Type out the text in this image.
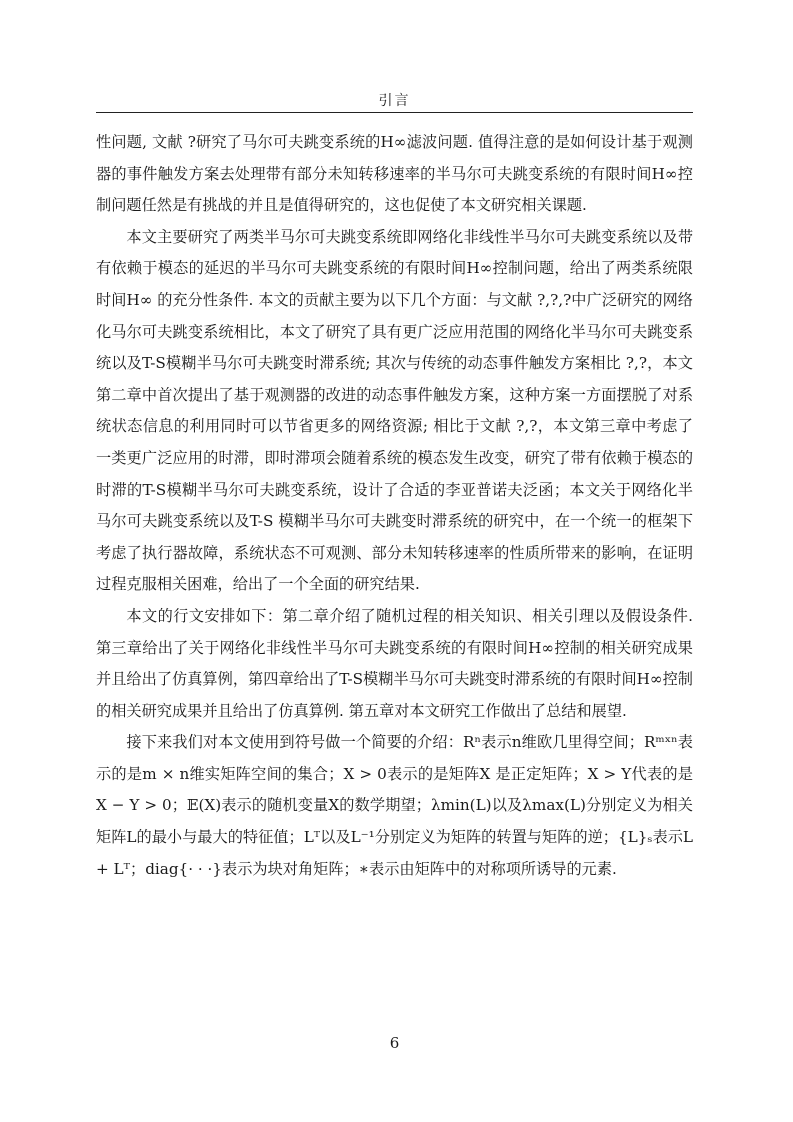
引言

性问题, 文献 ?研究了马尔可夫跳变系统的H∞滤波问题. 值得注意的是如何设计基于观测器的事件触发方案去处理带有部分未知转移速率的半马尔可夫跳变系统的有限时间H∞控制问题任然是有挑战的并且是值得研究的，这也促使了本文研究相关课题.

本文主要研究了两类半马尔可夫跳变系统即网络化非线性半马尔可夫跳变系统以及带有依赖于模态的延迟的半马尔可夫跳变系统的有限时间H∞控制问题，给出了两类系统限时间H∞ 的充分性条件. 本文的贡献主要为以下几个方面：与文献 ?,?,?中广泛研究的网络化马尔可夫跳变系统相比，本文了研究了具有更广泛应用范围的网络化半马尔可夫跳变系统以及T-S模糊半马尔可夫跳变时滞系统; 其次与传统的动态事件触发方案相比 ?,?，本文第二章中首次提出了基于观测器的改进的动态事件触发方案，这种方案一方面摆脱了对系统状态信息的利用同时可以节省更多的网络资源; 相比于文献 ?,?，本文第三章中考虑了一类更广泛应用的时滞，即时滞项会随着系统的模态发生改变，研究了带有依赖于模态的时滞的T-S模糊半马尔可夫跳变系统，设计了合适的李亚普诺夫泛函；本文关于网络化半马尔可夫跳变系统以及T-S 模糊半马尔可夫跳变时滞系统的研究中，在一个统一的框架下考虑了执行器故障，系统状态不可观测、部分未知转移速率的性质所带来的影响，在证明过程克服相关困难，给出了一个全面的研究结果.

本文的行文安排如下：第二章介绍了随机过程的相关知识、相关引理以及假设条件. 第三章给出了关于网络化非线性半马尔可夫跳变系统的有限时间H∞控制的相关研究成果并且给出了仿真算例，第四章给出了T-S模糊半马尔可夫跳变时滞系统的有限时间H∞控制的相关研究成果并且给出了仿真算例. 第五章对本文研究工作做出了总结和展望.

接下来我们对本文使用到符号做一个简要的介绍：Rⁿ表示n维欧几里得空间；Rᵐˣⁿ表示的是m × n维实矩阵空间的集合；X > 0表示的是矩阵X 是正定矩阵；X > Y代表的是X − Y > 0；𝔼(X)表示的随机变量X的数学期望；λmin(L)以及λmax(L)分别定义为相关矩阵L的最小与最大的特征值；Lᵀ以及L⁻¹分别定义为矩阵的转置与矩阵的逆；{L}ₛ表示L + Lᵀ；diag{· · ·}表示为块对角矩阵；∗表示由矩阵中的对称项所诱导的元素.

6
